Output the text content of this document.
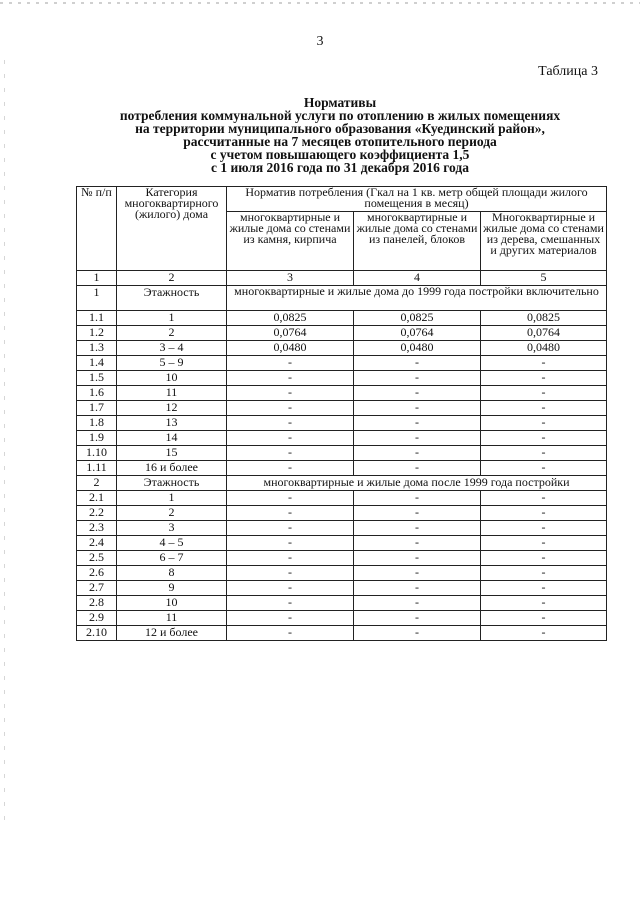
3
Таблица 3
Нормативы
потребления коммунальной услуги по отоплению в жилых помещениях
на территории муниципального образования «Куединский район»,
рассчитанные на 7 месяцев отопительного периода
с учетом повышающего коэффициента 1,5
с 1 июля 2016 года по 31 декабря 2016 года
№ п/п	Категория многоквартирного (жилого) дома	Норматив потребления (Гкал на 1 кв. метр общей площади жилого помещения в месяц)		
		многоквартирные и жилые дома со стенами из камня, кирпича	многоквартирные и жилые дома со стенами из панелей, блоков	Многоквартирные и жилые дома со стенами из дерева, смешанных и других материалов
1	2	3	4	5
1	Этажность	многоквартирные и жилые дома до 1999 года постройки включительно		
1.1	1	0,0825	0,0825	0,0825
1.2	2	0,0764	0,0764	0,0764
1.3	3 – 4	0,0480	0,0480	0,0480
1.4	5 – 9	-	-	-
1.5	10	-	-	-
1.6	11	-	-	-
1.7	12	-	-	-
1.8	13	-	-	-
1.9	14	-	-	-
1.10	15	-	-	-
1.11	16 и более	-	-	-
2	Этажность	многоквартирные и жилые дома после 1999 года постройки		
2.1	1	-	-	-
2.2	2	-	-	-
2.3	3	-	-	-
2.4	4 – 5	-	-	-
2.5	6 – 7	-	-	-
2.6	8	-	-	-
2.7	9	-	-	-
2.8	10	-	-	-
2.9	11	-	-	-
2.10	12 и более	-	-	-
